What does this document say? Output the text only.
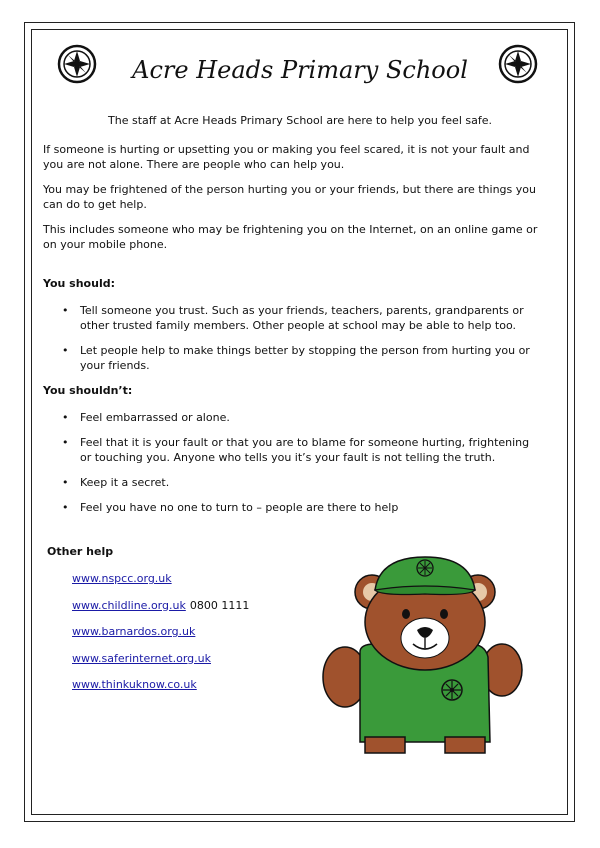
Acre Heads Primary School
The staff at Acre Heads Primary School are here to help you feel safe.
If someone is hurting or upsetting you or making you feel scared, it is not your fault and you are not alone. There are people who can help you.
You may be frightened of the person hurting you or your friends, but there are things you can do to get help.
This includes someone who may be frightening you on the Internet, on an online game or on your mobile phone.
You should:
• Tell someone you trust. Such as your friends, teachers, parents, grandparents or other trusted family members. Other people at school may be able to help too.
• Let people help to make things better by stopping the person from hurting you or your friends.
You shouldn’t:
• Feel embarrassed or alone.
• Feel that it is your fault or that you are to blame for someone hurting, frightening or touching you. Anyone who tells you it’s your fault is not telling the truth.
• Keep it a secret.
• Feel you have no one to turn to – people are there to help
Other help
www.nspcc.org.uk
www.childline.org.uk 0800 1111
www.barnardos.org.uk
www.saferinternet.org.uk
www.thinkuknow.co.uk
